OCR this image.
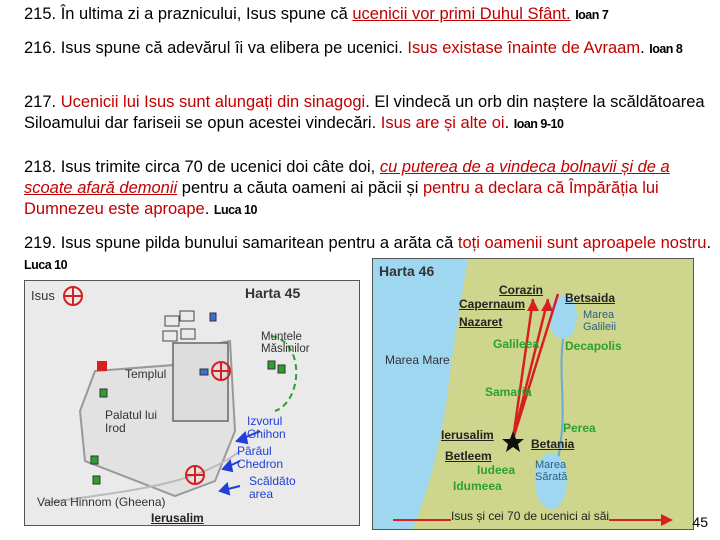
215. În ultima zi a praznicului, Isus spune că ucenicii vor primi Duhul Sfânt. Ioan 7
216. Isus spune că adevărul îi va elibera pe ucenici. Isus existase înainte de Avraam. Ioan 8
217. Ucenicii lui Isus sunt alungați din sinagogi. El vindecă un orb din naștere la scăldătoarea Siloamului dar fariseii se opun acestei vindecări. Isus are și alte oi. Ioan 9-10
218. Isus trimite circa 70 de ucenici doi câte doi, cu puterea de a vindeca bolnavii și de a scoate afară demonii pentru a căuta oameni ai păcii și pentru a declara că Împărăția lui Dumnezeu este aproape. Luca 10
219. Isus spune pilda bunului samaritean pentru a arăta că toți oamenii sunt aproapele nostru. Luca 10
Harta 45
Isus
Muntele Măslinilor
Templul
Palatul lui Irod	Izvorul Ghihon
Pârâul Chedron
Scăldăto area
Valea Hinnom (Gheena)
Ierusalim
Harta 46
Corazin
Betsaida
Capernaum
Nazaret	Marea Galileii
Galileea Decapolis
Marea Mare
Samaria
Perea
Ierusalim
Betania
Betleem
Iudeea Marea Sărată
Idumeea
Isus și cei 70 de ucenici ai săi	45
